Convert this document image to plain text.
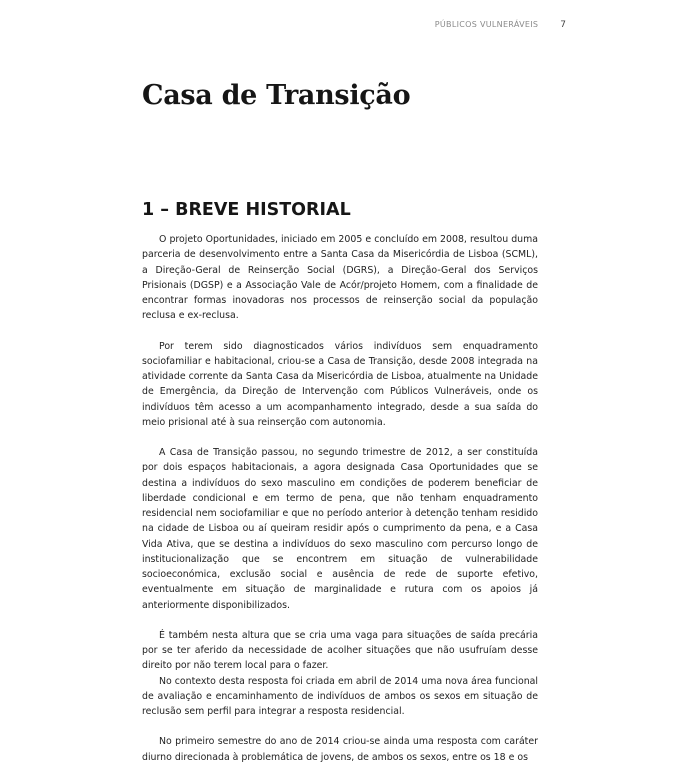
PÚBLICOS VULNERÁVEIS 7
Casa de Transição
1 – BREVE HISTORIAL

O projeto Oportunidades, iniciado em 2005 e concluído em 2008, resultou duma parceria de desenvolvimento entre a Santa Casa da Misericórdia de Lisboa (SCML), a Direção-Geral de Reinserção Social (DGRS), a Direção-Geral dos Serviços Prisionais (DGSP) e a Associação Vale de Acór/projeto Homem, com a finalidade de encontrar formas inovadoras nos processos de reinserção social da população reclusa e ex-reclusa.

Por terem sido diagnosticados vários indivíduos sem enquadramento sociofamiliar e habitacional, criou-se a Casa de Transição, desde 2008 integrada na atividade corrente da Santa Casa da Misericórdia de Lisboa, atualmente na Unidade de Emergência, da Direção de Intervenção com Públicos Vulneráveis, onde os indivíduos têm acesso a um acompanhamento integrado, desde a sua saída do meio prisional até à sua reinserção com autonomia.

A Casa de Transição passou, no segundo trimestre de 2012, a ser constituída por dois espaços habitacionais, a agora designada Casa Oportunidades que se destina a indivíduos do sexo masculino em condições de poderem beneficiar de liberdade condicional e em termo de pena, que não tenham enquadramento residencial nem sociofamiliar e que no período anterior à detenção tenham residido na cidade de Lisboa ou aí queiram residir após o cumprimento da pena, e a Casa Vida Ativa, que se destina a indivíduos do sexo masculino com percurso longo de institucionalização que se encontrem em situação de vulnerabilidade socioeconómica, exclusão social e ausência de rede de suporte efetivo, eventualmente em situação de marginalidade e rutura com os apoios já anteriormente disponibilizados.

É também nesta altura que se cria uma vaga para situações de saída precária por se ter aferido da necessidade de acolher situações que não usufruíam desse direito por não terem local para o fazer.

No contexto desta resposta foi criada em abril de 2014 uma nova área funcional de avaliação e encaminhamento de indivíduos de ambos os sexos em situação de reclusão sem perfil para integrar a resposta residencial.

No primeiro semestre do ano de 2014 criou-se ainda uma resposta com caráter diurno direcionada à problemática de jovens, de ambos os sexos, entre os 18 e os
